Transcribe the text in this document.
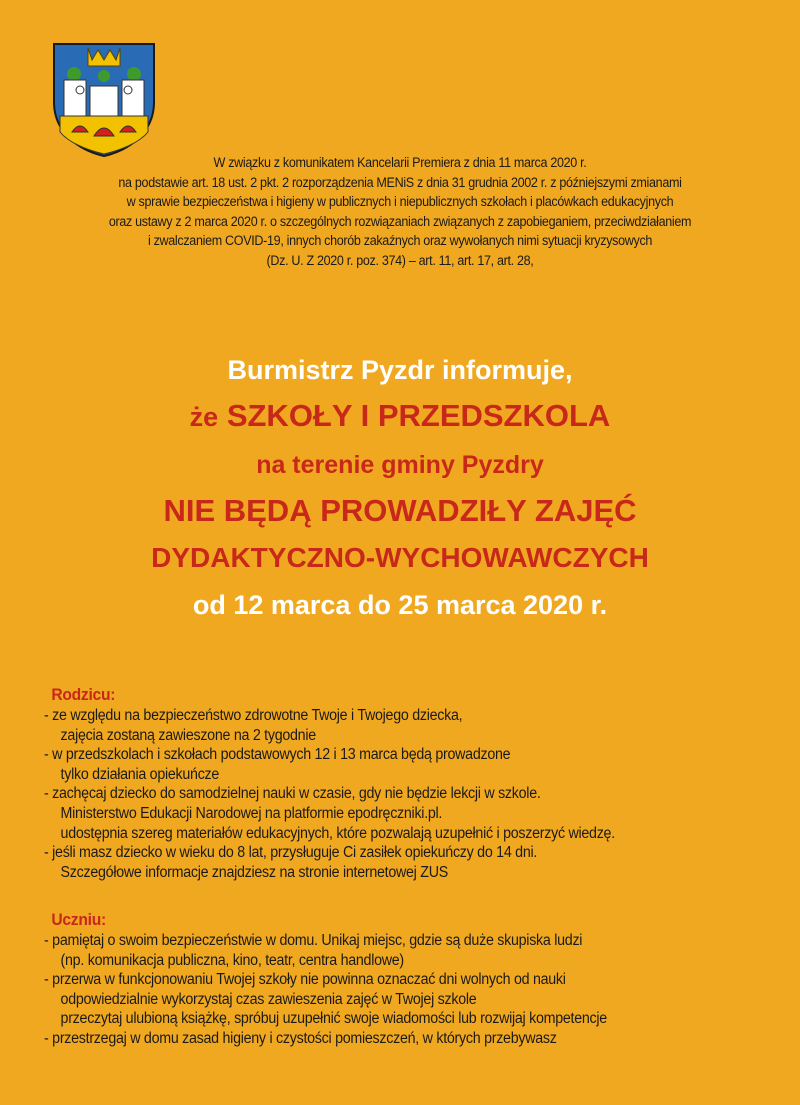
W związku z komunikatem Kancelarii Premiera z dnia 11 marca 2020 r.
na podstawie art. 18 ust. 2 pkt. 2 rozporządzenia MENiS z dnia 31 grudnia 2002 r. z późniejszymi zmianami
w sprawie bezpieczeństwa i higieny w publicznych i niepublicznych szkołach i placówkach edukacyjnych
oraz ustawy z 2 marca 2020 r. o szczególnych rozwiązaniach związanych z zapobieganiem, przeciwdziałaniem
i zwalczaniem COVID-19, innych chorób zakaźnych oraz wywołanych nimi sytuacji kryzysowych
(Dz. U. Z 2020 r. poz. 374) – art. 11, art. 17, art. 28,
Burmistrz Pyzdr informuje,
że SZKOŁY I PRZEDSZKOLA
na terenie gminy Pyzdry
NIE BĘDĄ PROWADZIŁY ZAJĘĆ
DYDAKTYCZNO-WYCHOWAWCZYCH
od 12 marca do 25 marca 2020 r.
Rodzicu:
- ze względu na bezpieczeństwo zdrowotne Twoje i Twojego dziecka,
zajęcia zostaną zawieszone na 2 tygodnie
- w przedszkolach i szkołach podstawowych 12 i 13 marca będą prowadzone
tylko działania opiekuńcze
- zachęcaj dziecko do samodzielnej nauki w czasie, gdy nie będzie lekcji w szkole.
Ministerstwo Edukacji Narodowej na platformie epodręczniki.pl.
udostępnia szereg materiałów edukacyjnych, które pozwalają uzupełnić i poszerzyć wiedzę.
- jeśli masz dziecko w wieku do 8 lat, przysługuje Ci zasiłek opiekuńczy do 14 dni.
Szczegółowe informacje znajdziesz na stronie internetowej ZUS
Uczniu:
- pamiętaj o swoim bezpieczeństwie w domu. Unikaj miejsc, gdzie są duże skupiska ludzi
(np. komunikacja publiczna, kino, teatr, centra handlowe)
- przerwa w funkcjonowaniu Twojej szkoły nie powinna oznaczać dni wolnych od nauki
odpowiedzialnie wykorzystaj czas zawieszenia zajęć w Twojej szkole
przeczytaj ulubioną książkę, spróbuj uzupełnić swoje wiadomości lub rozwijaj kompetencje
- przestrzegaj w domu zasad higieny i czystości pomieszczeń, w których przebywasz
